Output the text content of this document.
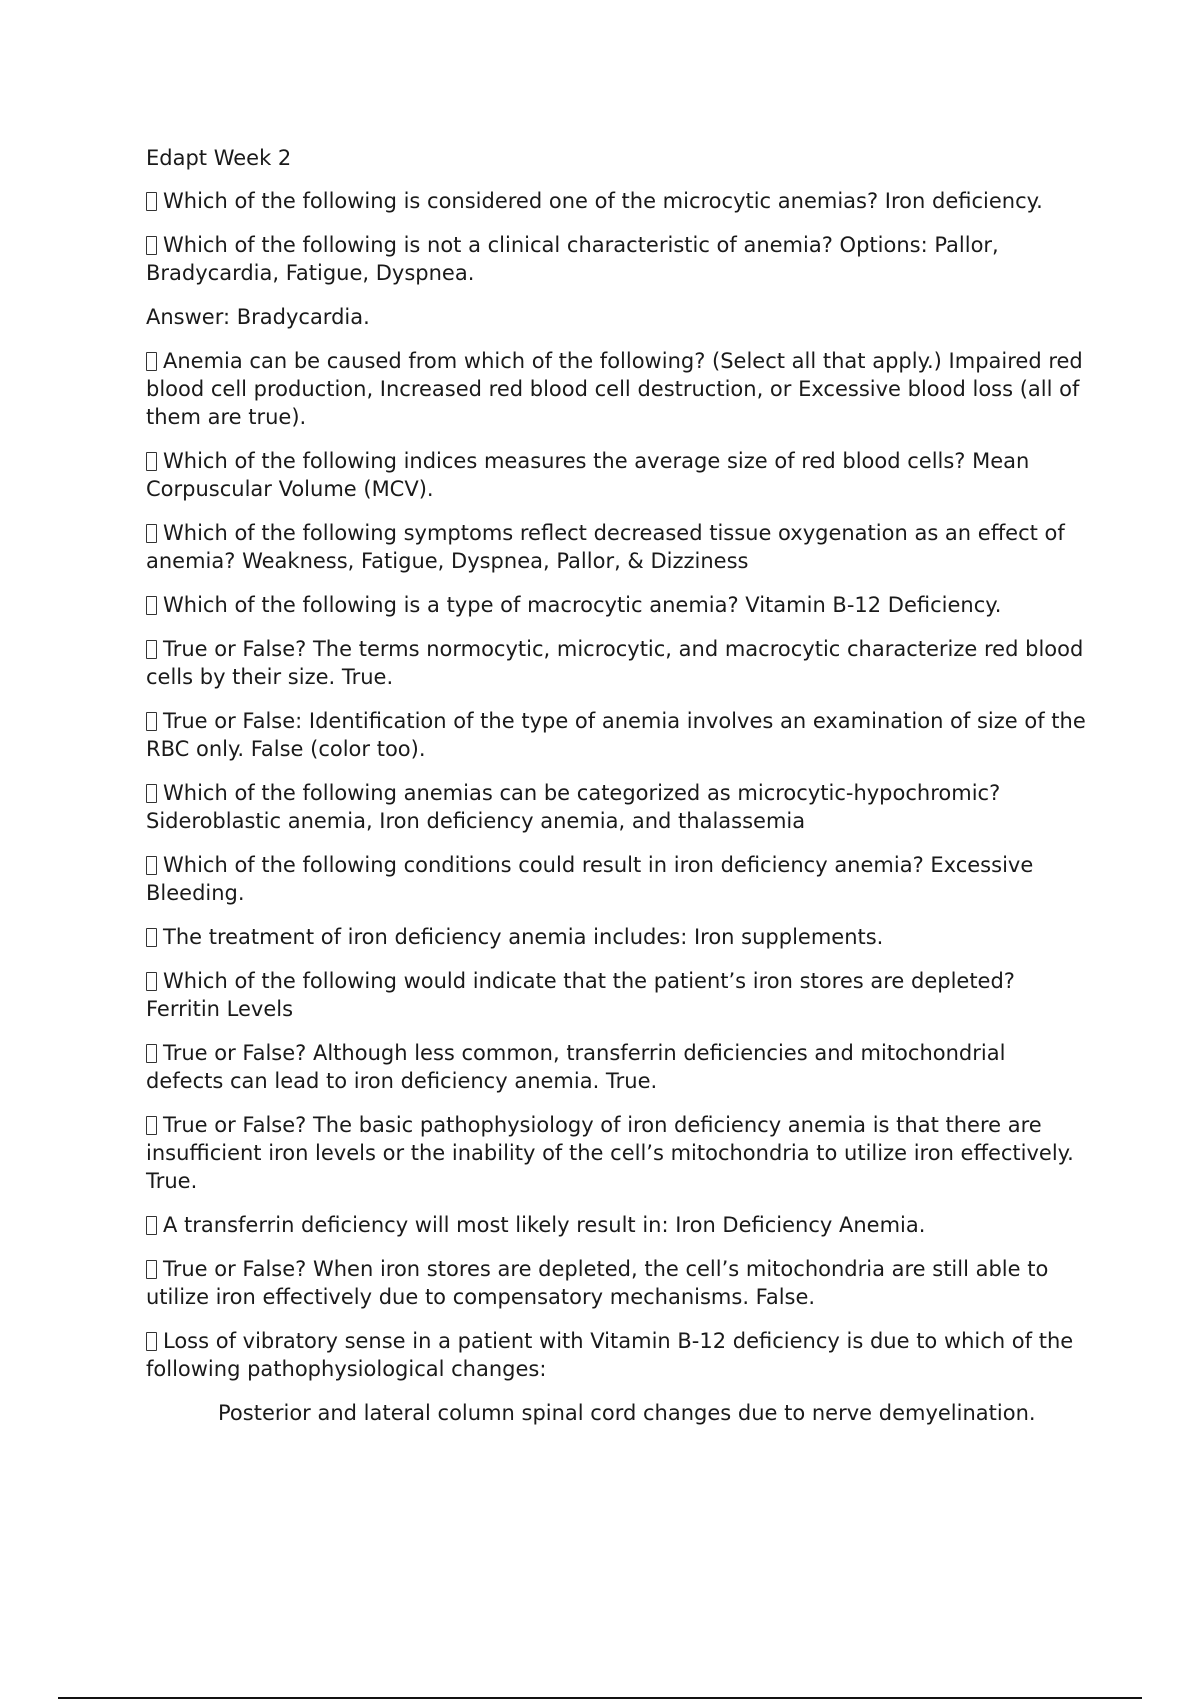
Edapt Week 2
Which of the following is considered one of the microcytic anemias? Iron deficiency.
Which of the following is not a clinical characteristic of anemia? Options: Pallor, Bradycardia, Fatigue, Dyspnea.
Answer: Bradycardia.
Anemia can be caused from which of the following? (Select all that apply.) Impaired red blood cell production, Increased red blood cell destruction, or Excessive blood loss (all of them are true).
Which of the following indices measures the average size of red blood cells? Mean Corpuscular Volume (MCV).
Which of the following symptoms reflect decreased tissue oxygenation as an effect of anemia? Weakness, Fatigue, Dyspnea, Pallor, & Dizziness
Which of the following is a type of macrocytic anemia? Vitamin B-12 Deficiency.
True or False? The terms normocytic, microcytic, and macrocytic characterize red blood cells by their size. True.
True or False: Identification of the type of anemia involves an examination of size of the RBC only. False (color too).
Which of the following anemias can be categorized as microcytic-hypochromic? Sideroblastic anemia, Iron deficiency anemia, and thalassemia
Which of the following conditions could result in iron deficiency anemia? Excessive Bleeding.
The treatment of iron deficiency anemia includes: Iron supplements.
Which of the following would indicate that the patient’s iron stores are depleted? Ferritin Levels
True or False? Although less common, transferrin deficiencies and mitochondrial defects can lead to iron deficiency anemia. True.
True or False? The basic pathophysiology of iron deficiency anemia is that there are insufficient iron levels or the inability of the cell’s mitochondria to utilize iron effectively. True.
A transferrin deficiency will most likely result in: Iron Deficiency Anemia.
True or False? When iron stores are depleted, the cell’s mitochondria are still able to utilize iron effectively due to compensatory mechanisms. False.
Loss of vibratory sense in a patient with Vitamin B-12 deficiency is due to which of the following pathophysiological changes:
Posterior and lateral column spinal cord changes due to nerve demyelination.
